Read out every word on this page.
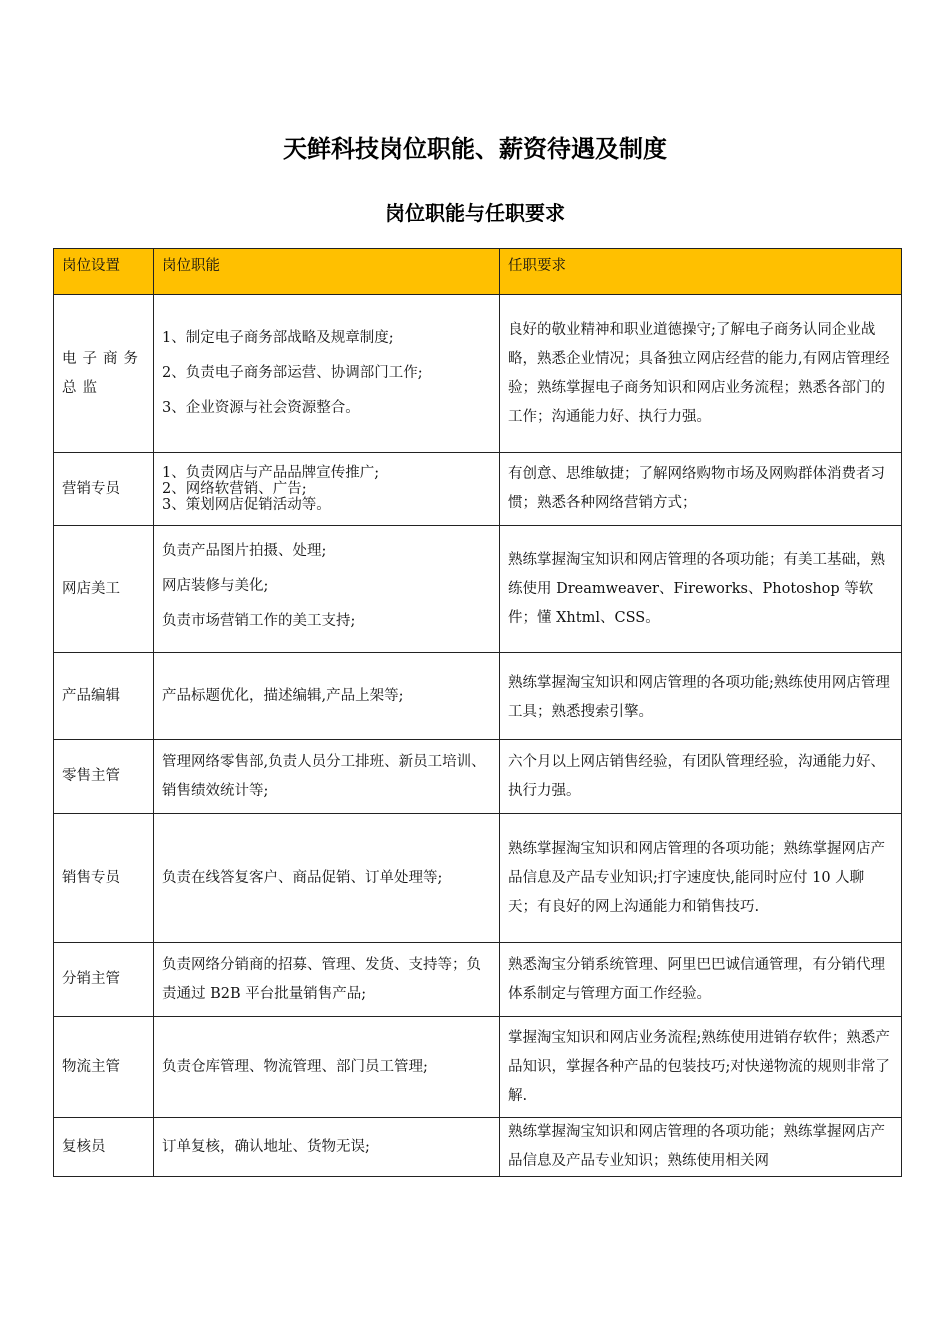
天鲜科技岗位职能、薪资待遇及制度
岗位职能与任职要求
岗位设置	岗位职能	任职要求
电子商务总监	1、制定电子商务部战略及规章制度;
2、负责电子商务部运营、协调部门工作;
3、企业资源与社会资源整合。	良好的敬业精神和职业道德操守;了解电子商务认同企业战略，熟悉企业情况；具备独立网店经营的能力,有网店管理经验；熟练掌握电子商务知识和网店业务流程；熟悉各部门的工作；沟通能力好、执行力强。
营销专员	1、负责网店与产品品牌宣传推广;
2、网络软营销、广告;
3、策划网店促销活动等。	有创意、思维敏捷；了解网络购物市场及网购群体消费者习惯；熟悉各种网络营销方式；
网店美工	负责产品图片拍摄、处理;
网店装修与美化;
负责市场营销工作的美工支持;	熟练掌握淘宝知识和网店管理的各项功能；有美工基础，熟练使用 Dreamweaver、Fireworks、Photoshop 等软件；懂 Xhtml、CSS。
产品编辑	产品标题优化，描述编辑,产品上架等;	熟练掌握淘宝知识和网店管理的各项功能;熟练使用网店管理工具；熟悉搜索引擎。
零售主管	管理网络零售部,负责人员分工排班、新员工培训、销售绩效统计等;	六个月以上网店销售经验，有团队管理经验，沟通能力好、执行力强。
销售专员	负责在线答复客户、商品促销、订单处理等;	熟练掌握淘宝知识和网店管理的各项功能；熟练掌握网店产品信息及产品专业知识;打字速度快,能同时应付 10 人聊天；有良好的网上沟通能力和销售技巧.
分销主管	负责网络分销商的招募、管理、发货、支持等；负责通过 B2B 平台批量销售产品;	熟悉淘宝分销系统管理、阿里巴巴诚信通管理，有分销代理体系制定与管理方面工作经验。
物流主管	负责仓库管理、物流管理、部门员工管理;	掌握淘宝知识和网店业务流程;熟练使用进销存软件；熟悉产品知识，掌握各种产品的包装技巧;对快递物流的规则非常了解.
复核员	订单复核，确认地址、货物无误;	熟练掌握淘宝知识和网店管理的各项功能；熟练掌握网店产品信息及产品专业知识；熟练使用相关网
